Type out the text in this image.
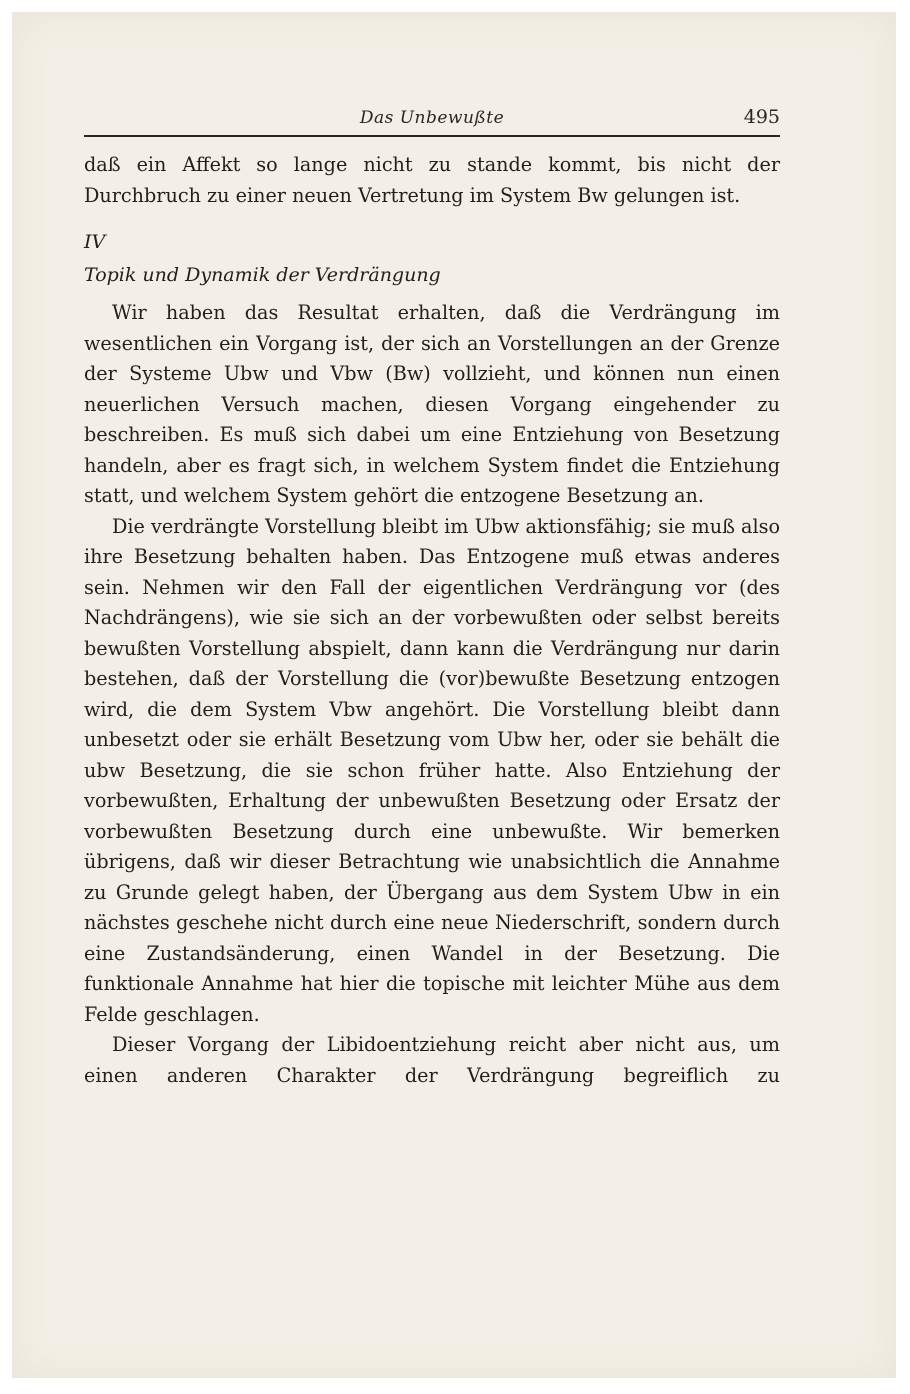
Das Unbewußte	495

daß ein Affekt so lange nicht zu stande kommt, bis nicht der Durchbruch zu einer neuen Vertretung im System Bw gelungen ist.

IV
Topik und Dynamik der Verdrängung

Wir haben das Resultat erhalten, daß die Verdrängung im wesentlichen ein Vorgang ist, der sich an Vorstellungen an der Grenze der Systeme Ubw und Vbw (Bw) vollzieht, und können nun einen neuerlichen Versuch machen, diesen Vorgang eingehender zu beschreiben. Es muß sich dabei um eine Entziehung von Besetzung handeln, aber es fragt sich, in welchem System findet die Entziehung statt, und welchem System gehört die entzogene Besetzung an.

Die verdrängte Vorstellung bleibt im Ubw aktionsfähig; sie muß also ihre Besetzung behalten haben. Das Entzogene muß etwas anderes sein. Nehmen wir den Fall der eigentlichen Verdrängung vor (des Nachdrängens), wie sie sich an der vorbewußten oder selbst bereits bewußten Vorstellung abspielt, dann kann die Verdrängung nur darin bestehen, daß der Vorstellung die (vor)bewußte Besetzung entzogen wird, die dem System Vbw angehört. Die Vorstellung bleibt dann unbesetzt oder sie erhält Besetzung vom Ubw her, oder sie behält die ubw Besetzung, die sie schon früher hatte. Also Entziehung der vorbewußten, Erhaltung der unbewußten Besetzung oder Ersatz der vorbewußten Besetzung durch eine unbewußte. Wir bemerken übrigens, daß wir dieser Betrachtung wie unabsichtlich die Annahme zu Grunde gelegt haben, der Übergang aus dem System Ubw in ein nächstes geschehe nicht durch eine neue Niederschrift, sondern durch eine Zustandsänderung, einen Wandel in der Besetzung. Die funktionale Annahme hat hier die topische mit leichter Mühe aus dem Felde geschlagen.

Dieser Vorgang der Libidoentziehung reicht aber nicht aus, um einen anderen Charakter der Verdrängung begreiflich zu
